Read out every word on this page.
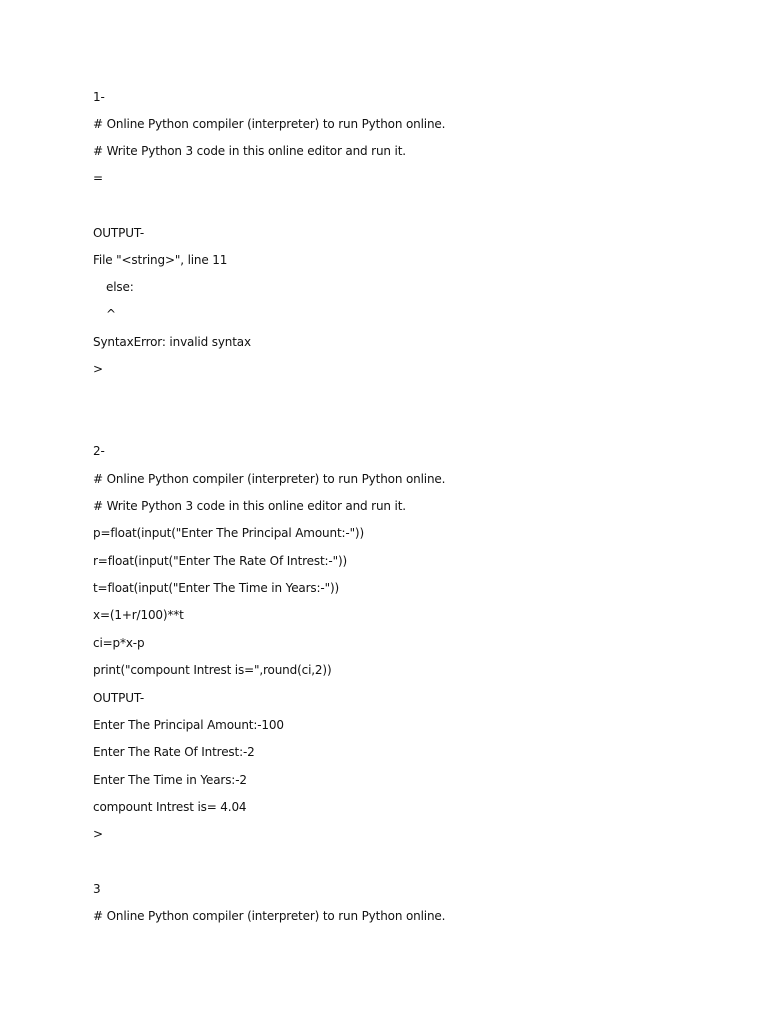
1-

# Online Python compiler (interpreter) to run Python online.

# Write Python 3 code in this online editor and run it.

=

OUTPUT-

File "<string>", line 11

else:

^

SyntaxError: invalid syntax

>

2-

# Online Python compiler (interpreter) to run Python online.

# Write Python 3 code in this online editor and run it.

p=float(input("Enter The Principal Amount:-"))

r=float(input("Enter The Rate Of Intrest:-"))

t=float(input("Enter The Time in Years:-"))

x=(1+r/100)**t

ci=p*x-p

print("compount Intrest is=",round(ci,2))

OUTPUT-

Enter The Principal Amount:-100

Enter The Rate Of Intrest:-2

Enter The Time in Years:-2

compount Intrest is= 4.04

>

3

# Online Python compiler (interpreter) to run Python online.
